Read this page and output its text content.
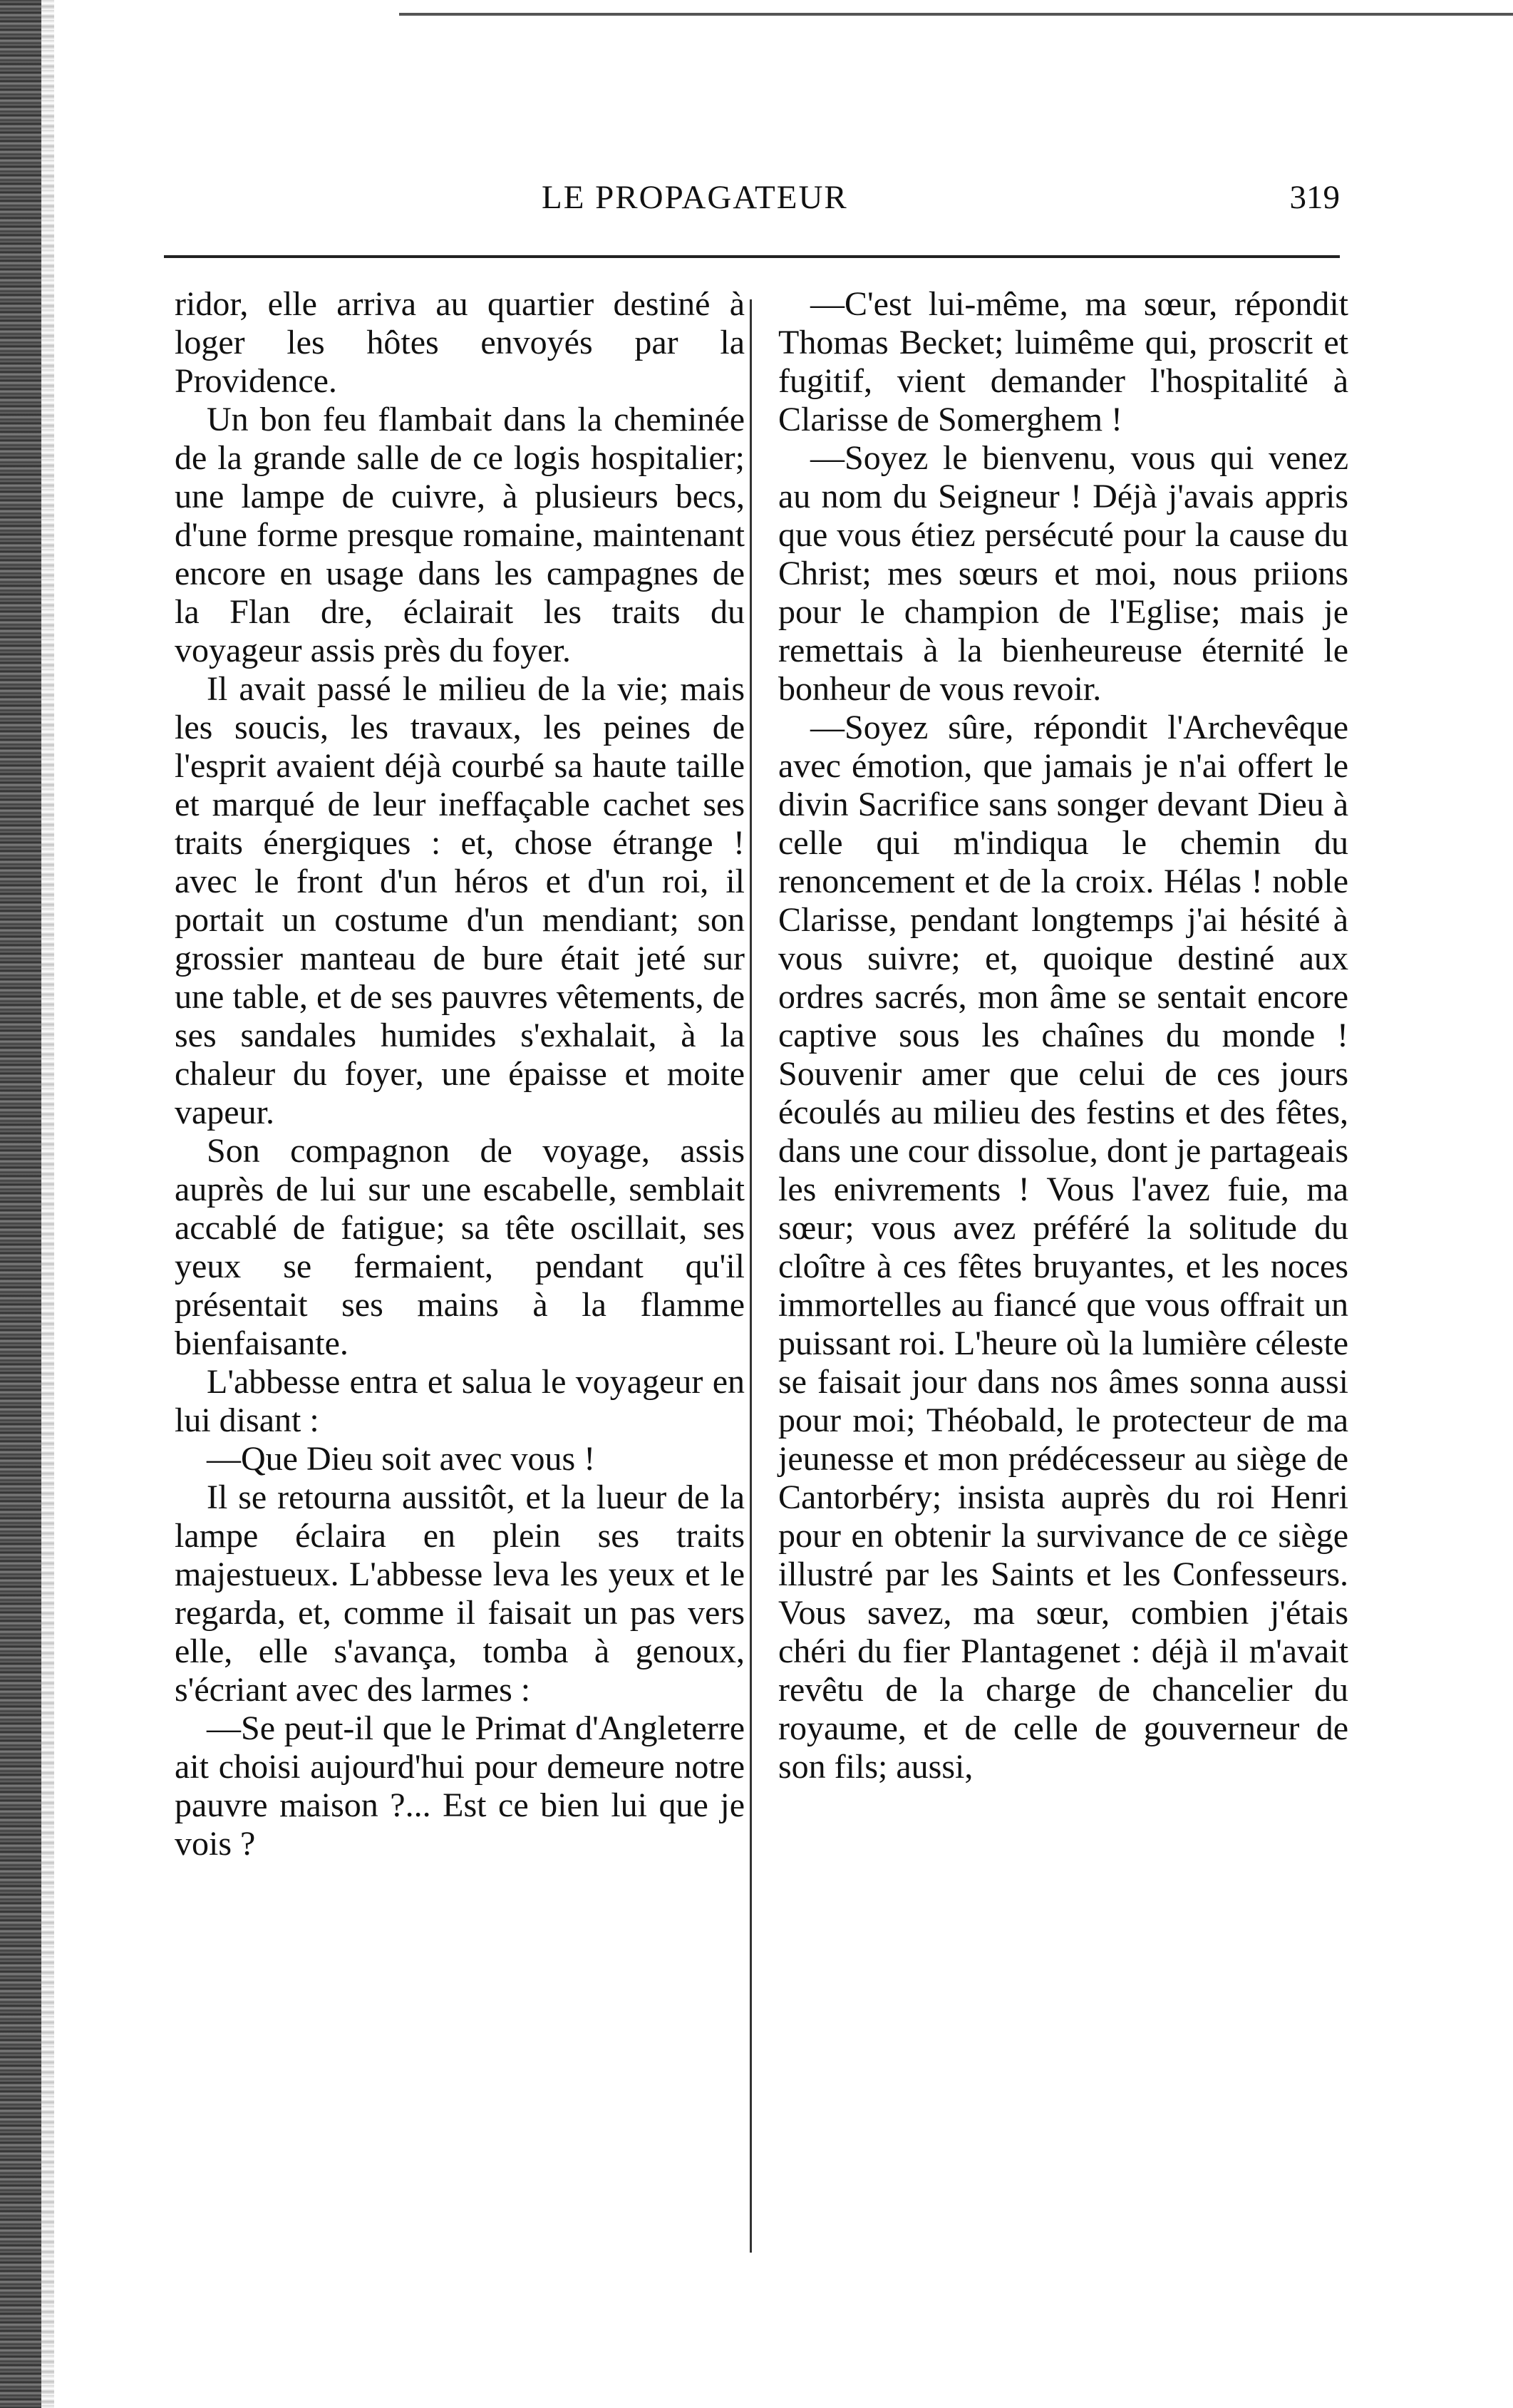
LE PROPAGATEUR	319

ridor, elle arriva au quartier destiné à loger les hôtes envoyés par la Providence.

Un bon feu flambait dans la cheminée de la grande salle de ce logis hospitalier; une lampe de cuivre, à plusieurs becs, d'une forme presque romaine, maintenant encore en usage dans les campagnes de la Flan dre, éclairait les traits du voyageur assis près du foyer.

Il avait passé le milieu de la vie; mais les soucis, les travaux, les peines de l'esprit avaient déjà courbé sa haute taille et marqué de leur ineffaçable cachet ses traits énergiques : et, chose étrange ! avec le front d'un héros et d'un roi, il portait un costume d'un mendiant; son grossier manteau de bure était jeté sur une table, et de ses pauvres vêtements, de ses sandales humides s'exhalait, à la chaleur du foyer, une épaisse et moite vapeur.

Son compagnon de voyage, assis auprès de lui sur une escabelle, semblait accablé de fatigue; sa tête oscillait, ses yeux se fermaient, pendant qu'il présentait ses mains à la flamme bienfaisante.

L'abbesse entra et salua le voyageur en lui disant :

—Que Dieu soit avec vous !

Il se retourna aussitôt, et la lueur de la lampe éclaira en plein ses traits majestueux. L'abbesse leva les yeux et le regarda, et, comme il faisait un pas vers elle, elle s'avança, tomba à genoux, s'écriant avec des larmes :

—Se peut-il que le Primat d'Angleterre ait choisi aujourd'hui pour demeure notre pauvre maison ?... Est ce bien lui que je vois ?

—C'est lui-même, ma sœur, répondit Thomas Becket; luimême qui, proscrit et fugitif, vient demander l'hospitalité à Clarisse de Somerghem !

—Soyez le bienvenu, vous qui venez au nom du Seigneur ! Déjà j'avais appris que vous étiez persécuté pour la cause du Christ; mes sœurs et moi, nous priions pour le champion de l'Eglise; mais je remettais à la bienheureuse éternité le bonheur de vous revoir.

—Soyez sûre, répondit l'Archevêque avec émotion, que jamais je n'ai offert le divin Sacrifice sans songer devant Dieu à celle qui m'indiqua le chemin du renoncement et de la croix. Hélas ! noble Clarisse, pendant longtemps j'ai hésité à vous suivre; et, quoique destiné aux ordres sacrés, mon âme se sentait encore captive sous les chaînes du monde ! Souvenir amer que celui de ces jours écoulés au milieu des festins et des fêtes, dans une cour dissolue, dont je partageais les enivrements ! Vous l'avez fuie, ma sœur; vous avez préféré la solitude du cloître à ces fêtes bruyantes, et les noces immortelles au fiancé que vous offrait un puissant roi. L'heure où la lumière céleste se faisait jour dans nos âmes sonna aussi pour moi; Théobald, le protecteur de ma jeunesse et mon prédécesseur au siège de Cantorbéry; insista auprès du roi Henri pour en obtenir la survivance de ce siège illustré par les Saints et les Confesseurs. Vous savez, ma sœur, combien j'étais chéri du fier Plantagenet : déjà il m'avait revêtu de la charge de chancelier du royaume, et de celle de gouverneur de son fils; aussi,
